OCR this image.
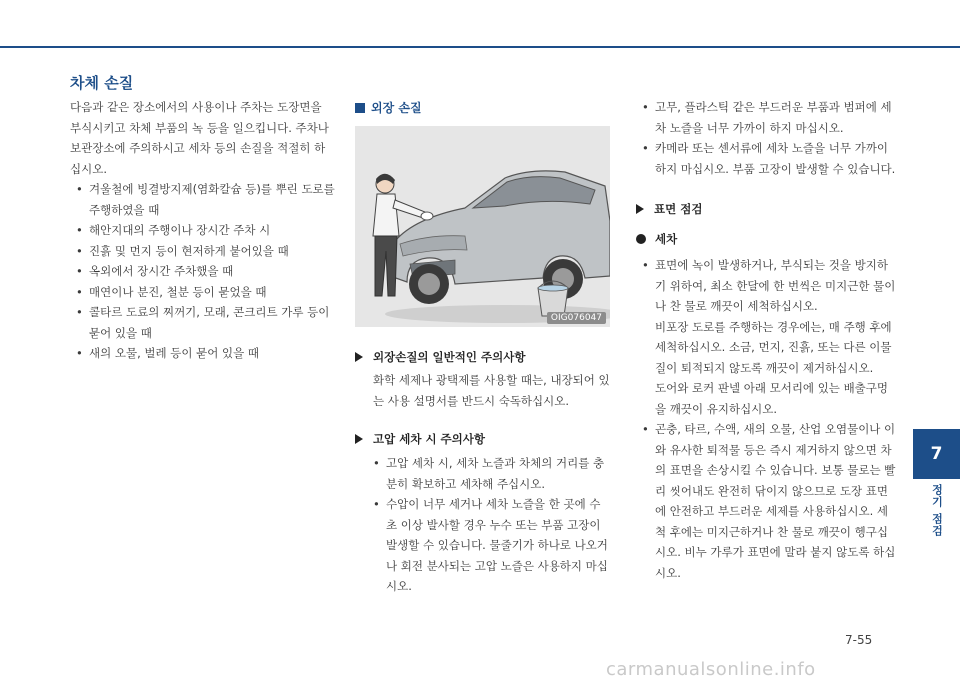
차체 손질

다음과 같은 장소에서의 사용이나 주차는 도장면을 부식시키고 차체 부품의 녹 등을 일으킵니다. 주차나 보관장소에 주의하시고 세차 등의 손질을 적절히 하십시오.

• 겨울철에 빙결방지제(염화칼슘 등)를 뿌린 도로를 주행하였을 때
• 해안지대의 주행이나 장시간 주차 시
• 진흙 및 먼지 등이 현저하게 붙어있을 때
• 옥외에서 장시간 주차했을 때
• 매연이나 분진, 철분 등이 묻었을 때
• 콜타르 도료의 찌꺼기, 모래, 콘크리트 가루 등이 묻어 있을 때
• 새의 오물, 벌레 등이 묻어 있을 때
외장 손질
OIG076047
외장손질의 일반적인 주의사항

화학 세제나 광택제를 사용할 때는, 내장되어 있는 사용 설명서를 반드시 숙독하십시오.

고압 세차 시 주의사항
• 고압 세차 시, 세차 노즐과 차체의 거리를 충분히 확보하고 세차해 주십시오.
• 수압이 너무 세거나 세차 노즐을 한 곳에 수 초 이상 발사할 경우 누수 또는 부품 고장이 발생할 수 있습니다. 물줄기가 하나로 나오거나 회전 분사되는 고압 노즐은 사용하지 마십시오.
• 고무, 플라스틱 같은 부드러운 부품과 범퍼에 세차 노즐을 너무 가까이 하지 마십시오.
• 카메라 또는 센서류에 세차 노즐을 너무 가까이 하지 마십시오. 부품 고장이 발생할 수 있습니다.
표면 점검
세차
• 표면에 녹이 발생하거나, 부식되는 것을 방지하기 위하여, 최소 한달에 한 번씩은 미지근한 물이나 찬 물로 깨끗이 세척하십시오.

비포장 도로를 주행하는 경우에는, 매 주행 후에 세척하십시오. 소금, 먼지, 진흙, 또는 다른 이물질이 퇴적되지 않도록 깨끗이 제거하십시오.

도어와 로커 판넬 아래 모서리에 있는 배출구멍을 깨끗이 유지하십시오.

• 곤충, 타르, 수액, 새의 오물, 산업 오염물이나 이와 유사한 퇴적물 등은 즉시 제거하지 않으면 차의 표면을 손상시킬 수 있습니다. 보통 물로는 빨리 씻어내도 완전히 닦이지 않으므로 도장 표면에 안전하고 부드러운 세제를 사용하십시오. 세척 후에는 미지근하거나 찬 물로 깨끗이 헹구십시오. 비누 가루가 표면에 말라 붙지 않도록 하십시오.
7
정기 점검
7-55
carmanualsonline.info
